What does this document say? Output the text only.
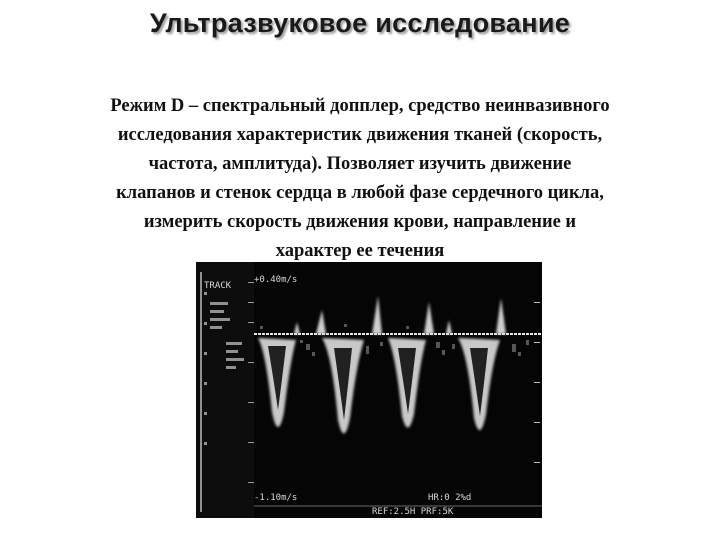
Ультразвуковое исследование
Режим D – спектральный допплер, средство неинвазивного
исследования характеристик движения тканей (скорость,
частота, амплитуда). Позволяет изучить движение
клапанов и стенок сердца в любой фазе сердечного цикла,
измерить скорость движения крови, направление и
характер ее течения
+0.40m/s
TRACK
-1.10m/s	HR:0 2%d
REF:2.5H PRF:5K
